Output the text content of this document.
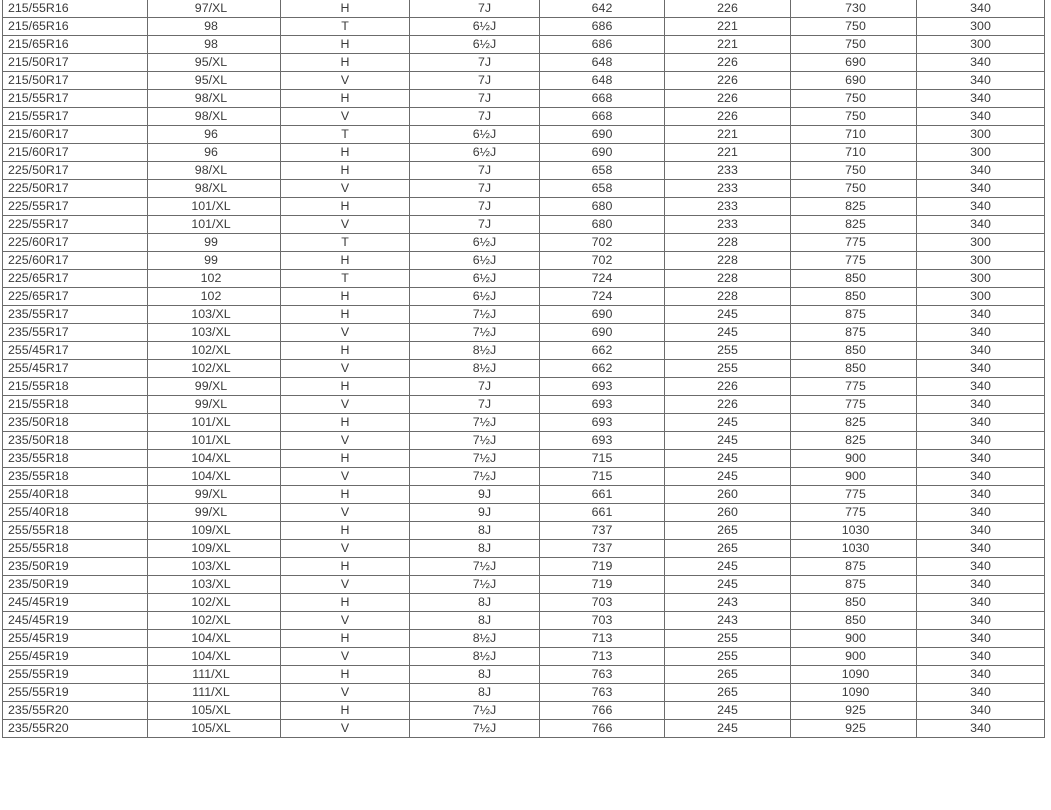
215/55R16	97/XL	H	7J	642	226	730	340
215/65R16	98	T	6½J	686	221	750	300
215/65R16	98	H	6½J	686	221	750	300
215/50R17	95/XL	H	7J	648	226	690	340
215/50R17	95/XL	V	7J	648	226	690	340
215/55R17	98/XL	H	7J	668	226	750	340
215/55R17	98/XL	V	7J	668	226	750	340
215/60R17	96	T	6½J	690	221	710	300
215/60R17	96	H	6½J	690	221	710	300
225/50R17	98/XL	H	7J	658	233	750	340
225/50R17	98/XL	V	7J	658	233	750	340
225/55R17	101/XL	H	7J	680	233	825	340
225/55R17	101/XL	V	7J	680	233	825	340
225/60R17	99	T	6½J	702	228	775	300
225/60R17	99	H	6½J	702	228	775	300
225/65R17	102	T	6½J	724	228	850	300
225/65R17	102	H	6½J	724	228	850	300
235/55R17	103/XL	H	7½J	690	245	875	340
235/55R17	103/XL	V	7½J	690	245	875	340
255/45R17	102/XL	H	8½J	662	255	850	340
255/45R17	102/XL	V	8½J	662	255	850	340
215/55R18	99/XL	H	7J	693	226	775	340
215/55R18	99/XL	V	7J	693	226	775	340
235/50R18	101/XL	H	7½J	693	245	825	340
235/50R18	101/XL	V	7½J	693	245	825	340
235/55R18	104/XL	H	7½J	715	245	900	340
235/55R18	104/XL	V	7½J	715	245	900	340
255/40R18	99/XL	H	9J	661	260	775	340
255/40R18	99/XL	V	9J	661	260	775	340
255/55R18	109/XL	H	8J	737	265	1030	340
255/55R18	109/XL	V	8J	737	265	1030	340
235/50R19	103/XL	H	7½J	719	245	875	340
235/50R19	103/XL	V	7½J	719	245	875	340
245/45R19	102/XL	H	8J	703	243	850	340
245/45R19	102/XL	V	8J	703	243	850	340
255/45R19	104/XL	H	8½J	713	255	900	340
255/45R19	104/XL	V	8½J	713	255	900	340
255/55R19	111/XL	H	8J	763	265	1090	340
255/55R19	111/XL	V	8J	763	265	1090	340
235/55R20	105/XL	H	7½J	766	245	925	340
235/55R20	105/XL	V	7½J	766	245	925	340
